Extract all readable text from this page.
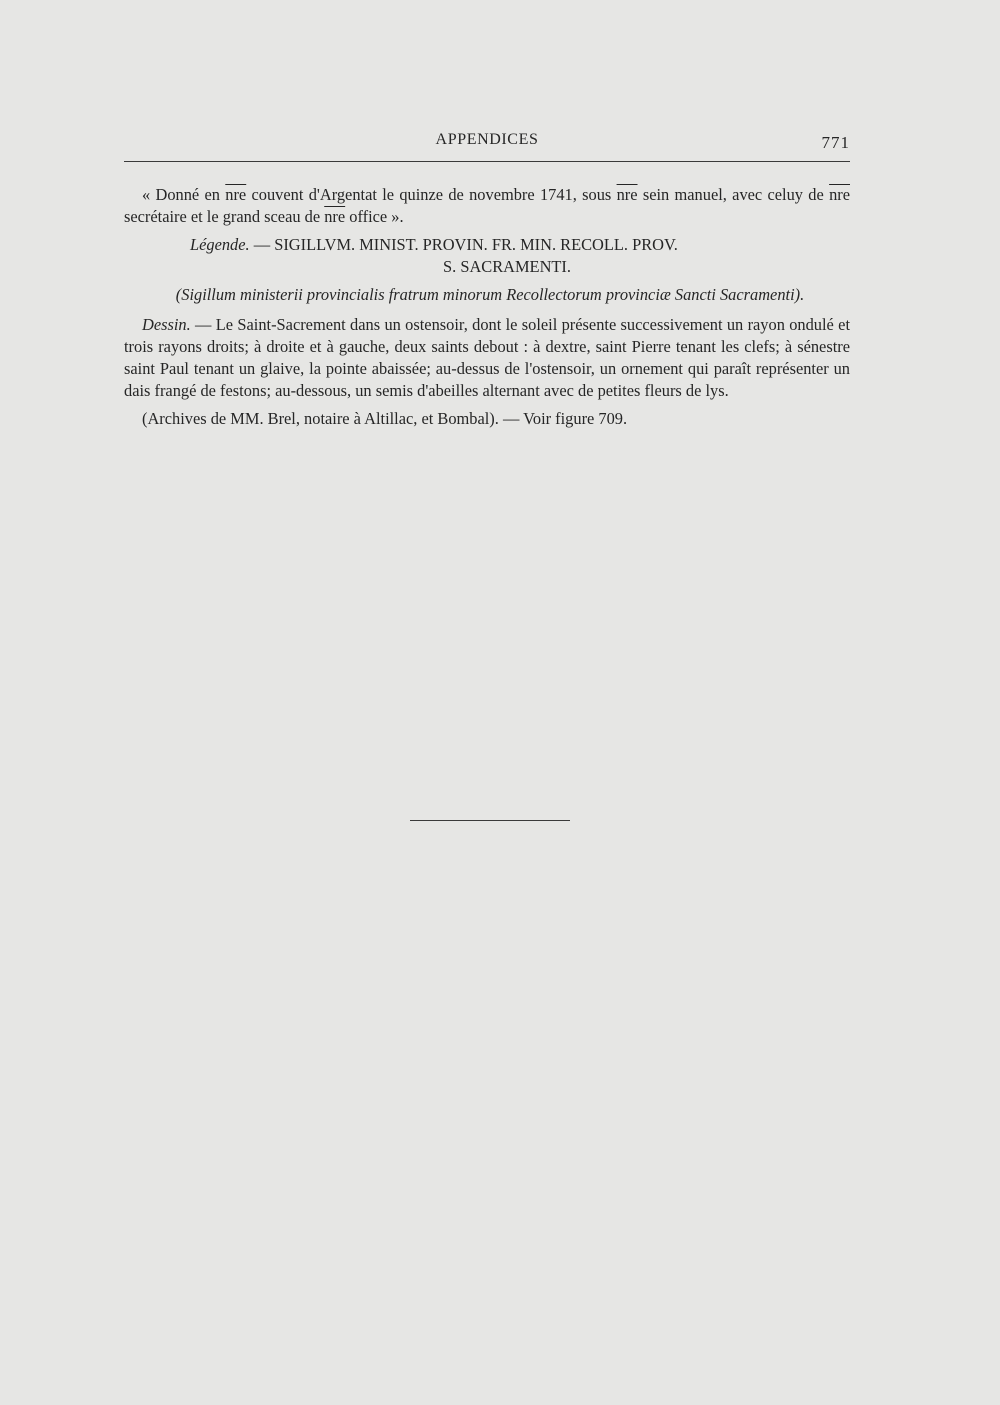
APPENDICES	771

« Donné en $\overline{nre}$ couvent d'Argentat le quinze de novembre 1741, sous $\overline{nre}$ sein manuel, avec celuy de $\overline{nre}$ secrétaire et le grand sceau de $\overline{nre}$ office ».

Légende. — SIGILLVM. MINIST. PROVIN. FR. MIN. RECOLL. PROV.

S. SACRAMENTI.

(Sigillum ministerii provincialis fratrum minorum Recollectorum provinciæ Sancti Sacramenti).

Dessin. — Le Saint-Sacrement dans un ostensoir, dont le soleil présente successivement un rayon ondulé et trois rayons droits; à droite et à gauche, deux saints debout : à dextre, saint Pierre tenant les clefs; à sénestre saint Paul tenant un glaive, la pointe abaissée; au-dessus de l'ostensoir, un ornement qui paraît représenter un dais frangé de festons; au-dessous, un semis d'abeilles alternant avec de petites fleurs de lys.

(Archives de MM. Brel, notaire à Altillac, et Bombal). — Voir figure 709.
